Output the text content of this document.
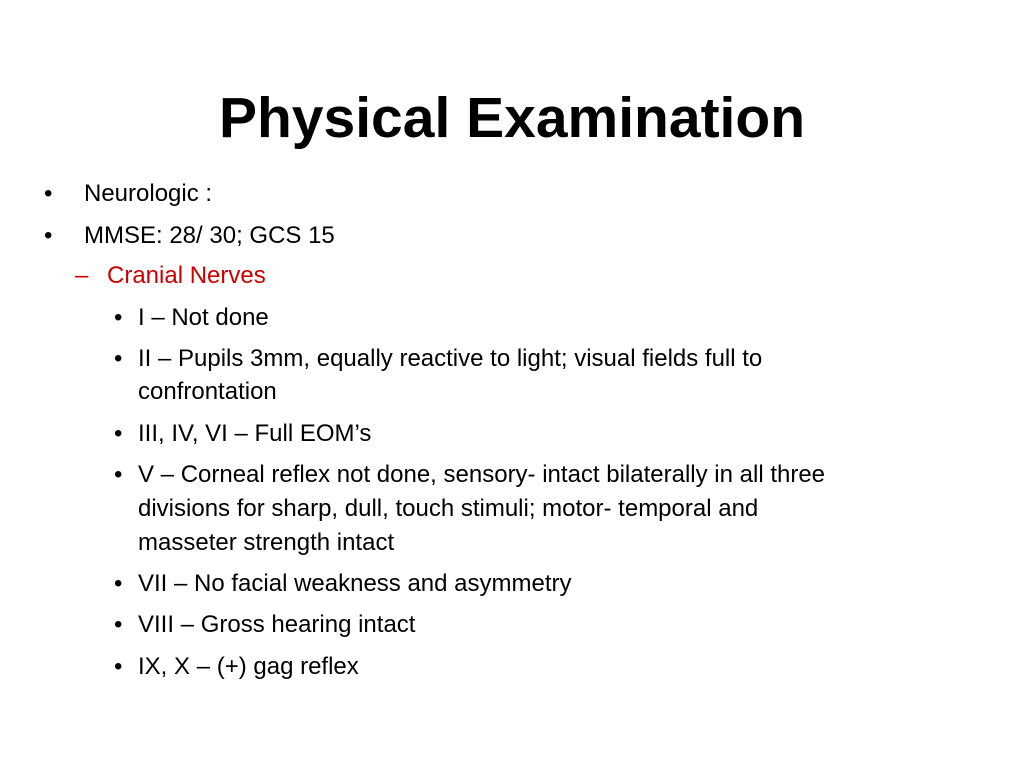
Physical Examination
• Neurologic :
• MMSE: 28/ 30; GCS 15
– Cranial Nerves
• I – Not done
• II – Pupils 3mm, equally reactive to light; visual fields full to
confrontation
• III, IV, VI – Full EOM’s
• V – Corneal reflex not done, sensory- intact bilaterally in all three
divisions for sharp, dull, touch stimuli; motor- temporal and
masseter strength intact
• VII – No facial weakness and asymmetry
• VIII – Gross hearing intact
• IX, X – (+) gag reflex
